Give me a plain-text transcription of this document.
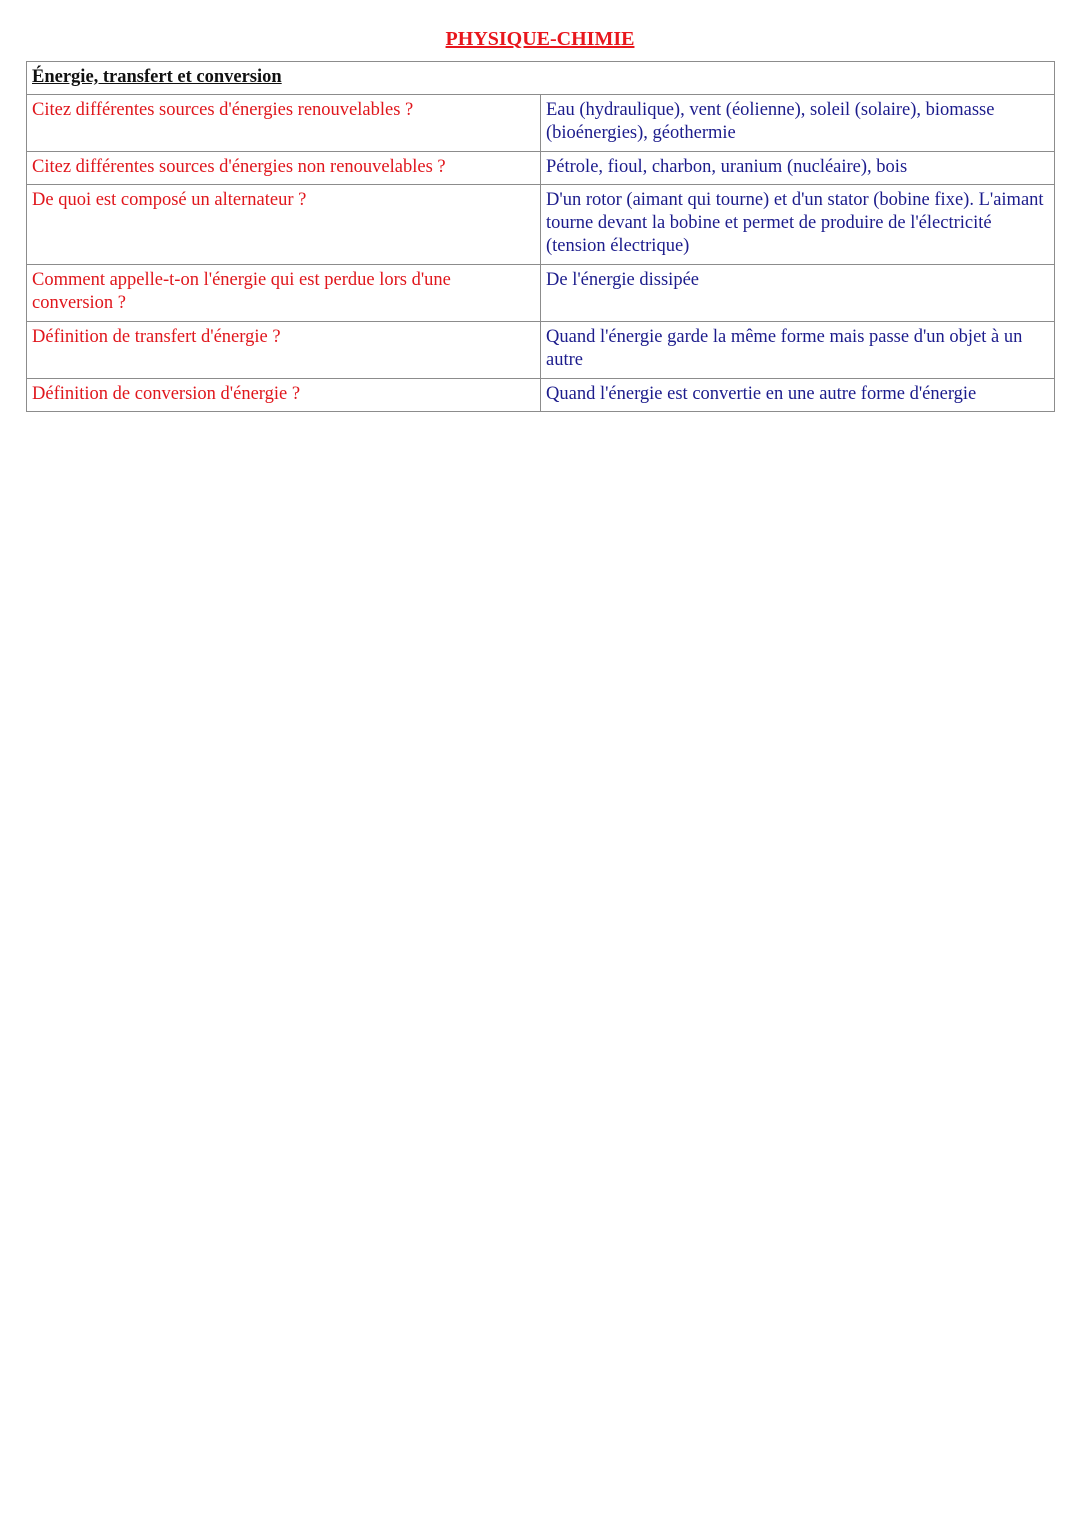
PHYSIQUE-CHIMIE
Énergie, transfert et conversion	
Citez différentes sources d'énergies renouvelables ?	Eau (hydraulique), vent (éolienne), soleil (solaire), biomasse (bioénergies), géothermie
Citez différentes sources d'énergies non renouvelables ?	Pétrole, fioul, charbon, uranium (nucléaire), bois
De quoi est composé un alternateur ?	D'un rotor (aimant qui tourne) et d'un stator (bobine fixe). L'aimant tourne devant la bobine et permet de produire de l'électricité (tension électrique)
Comment appelle-t-on l'énergie qui est perdue lors d'une conversion ?	De l'énergie dissipée
Définition de transfert d'énergie ?	Quand l'énergie garde la même forme mais passe d'un objet à un autre
Définition de conversion d'énergie ?	Quand l'énergie est convertie en une autre forme d'énergie
